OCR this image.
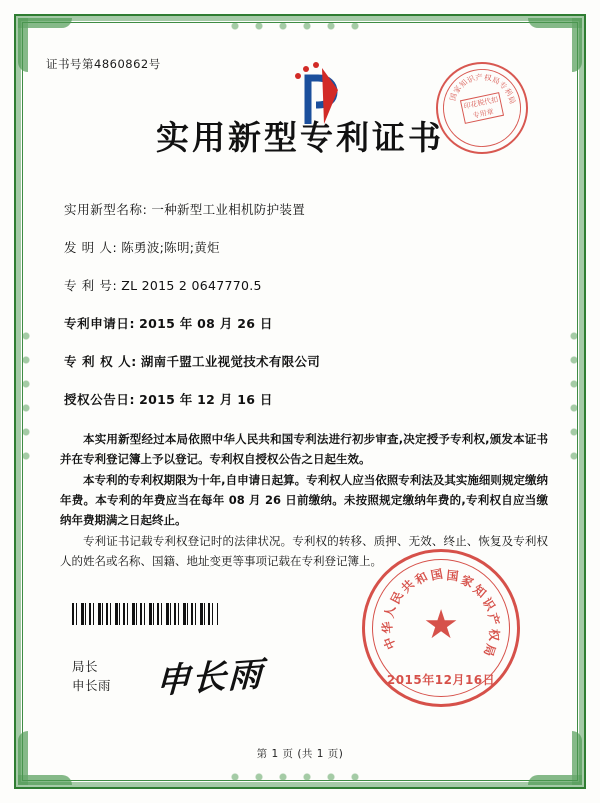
证书号第4860862号
国
家
知
识
产 权
局
专
利
局
印花税代扣专用章
实用新型专利证书
实用新型名称: 一种新型工业相机防护装置
发 明 人: 陈勇波;陈明;黄炬
专 利 号: ZL 2015 2 0647770.5
专利申请日: 2015 年 08 月 26 日
专 利 权 人: 湖南千盟工业视觉技术有限公司
授权公告日: 2015 年 12 月 16 日
本实用新型经过本局依照中华人民共和国专利法进行初步审查,决定授予专利权,颁发本证书并在专利登记簿上予以登记。专利权自授权公告之日起生效。
本专利的专利权期限为十年,自申请日起算。专利权人应当依照专利法及其实施细则规定缴纳年费。本专利的年费应当在每年 08 月 26 日前缴纳。未按照规定缴纳年费的,专利权自应当缴纳年费期满之日起终止。
专利证书记载专利权登记时的法律状况。专利权的转移、质押、无效、终止、恢复及专利权人的姓名或名称、国籍、地址变更等事项记载在专利登记簿上。
局长
申长雨 申长雨
中
华
人
民
共
和 国 国 家
知
识
产
权
局
★
2015年12月16日
第 1 页 (共 1 页)
